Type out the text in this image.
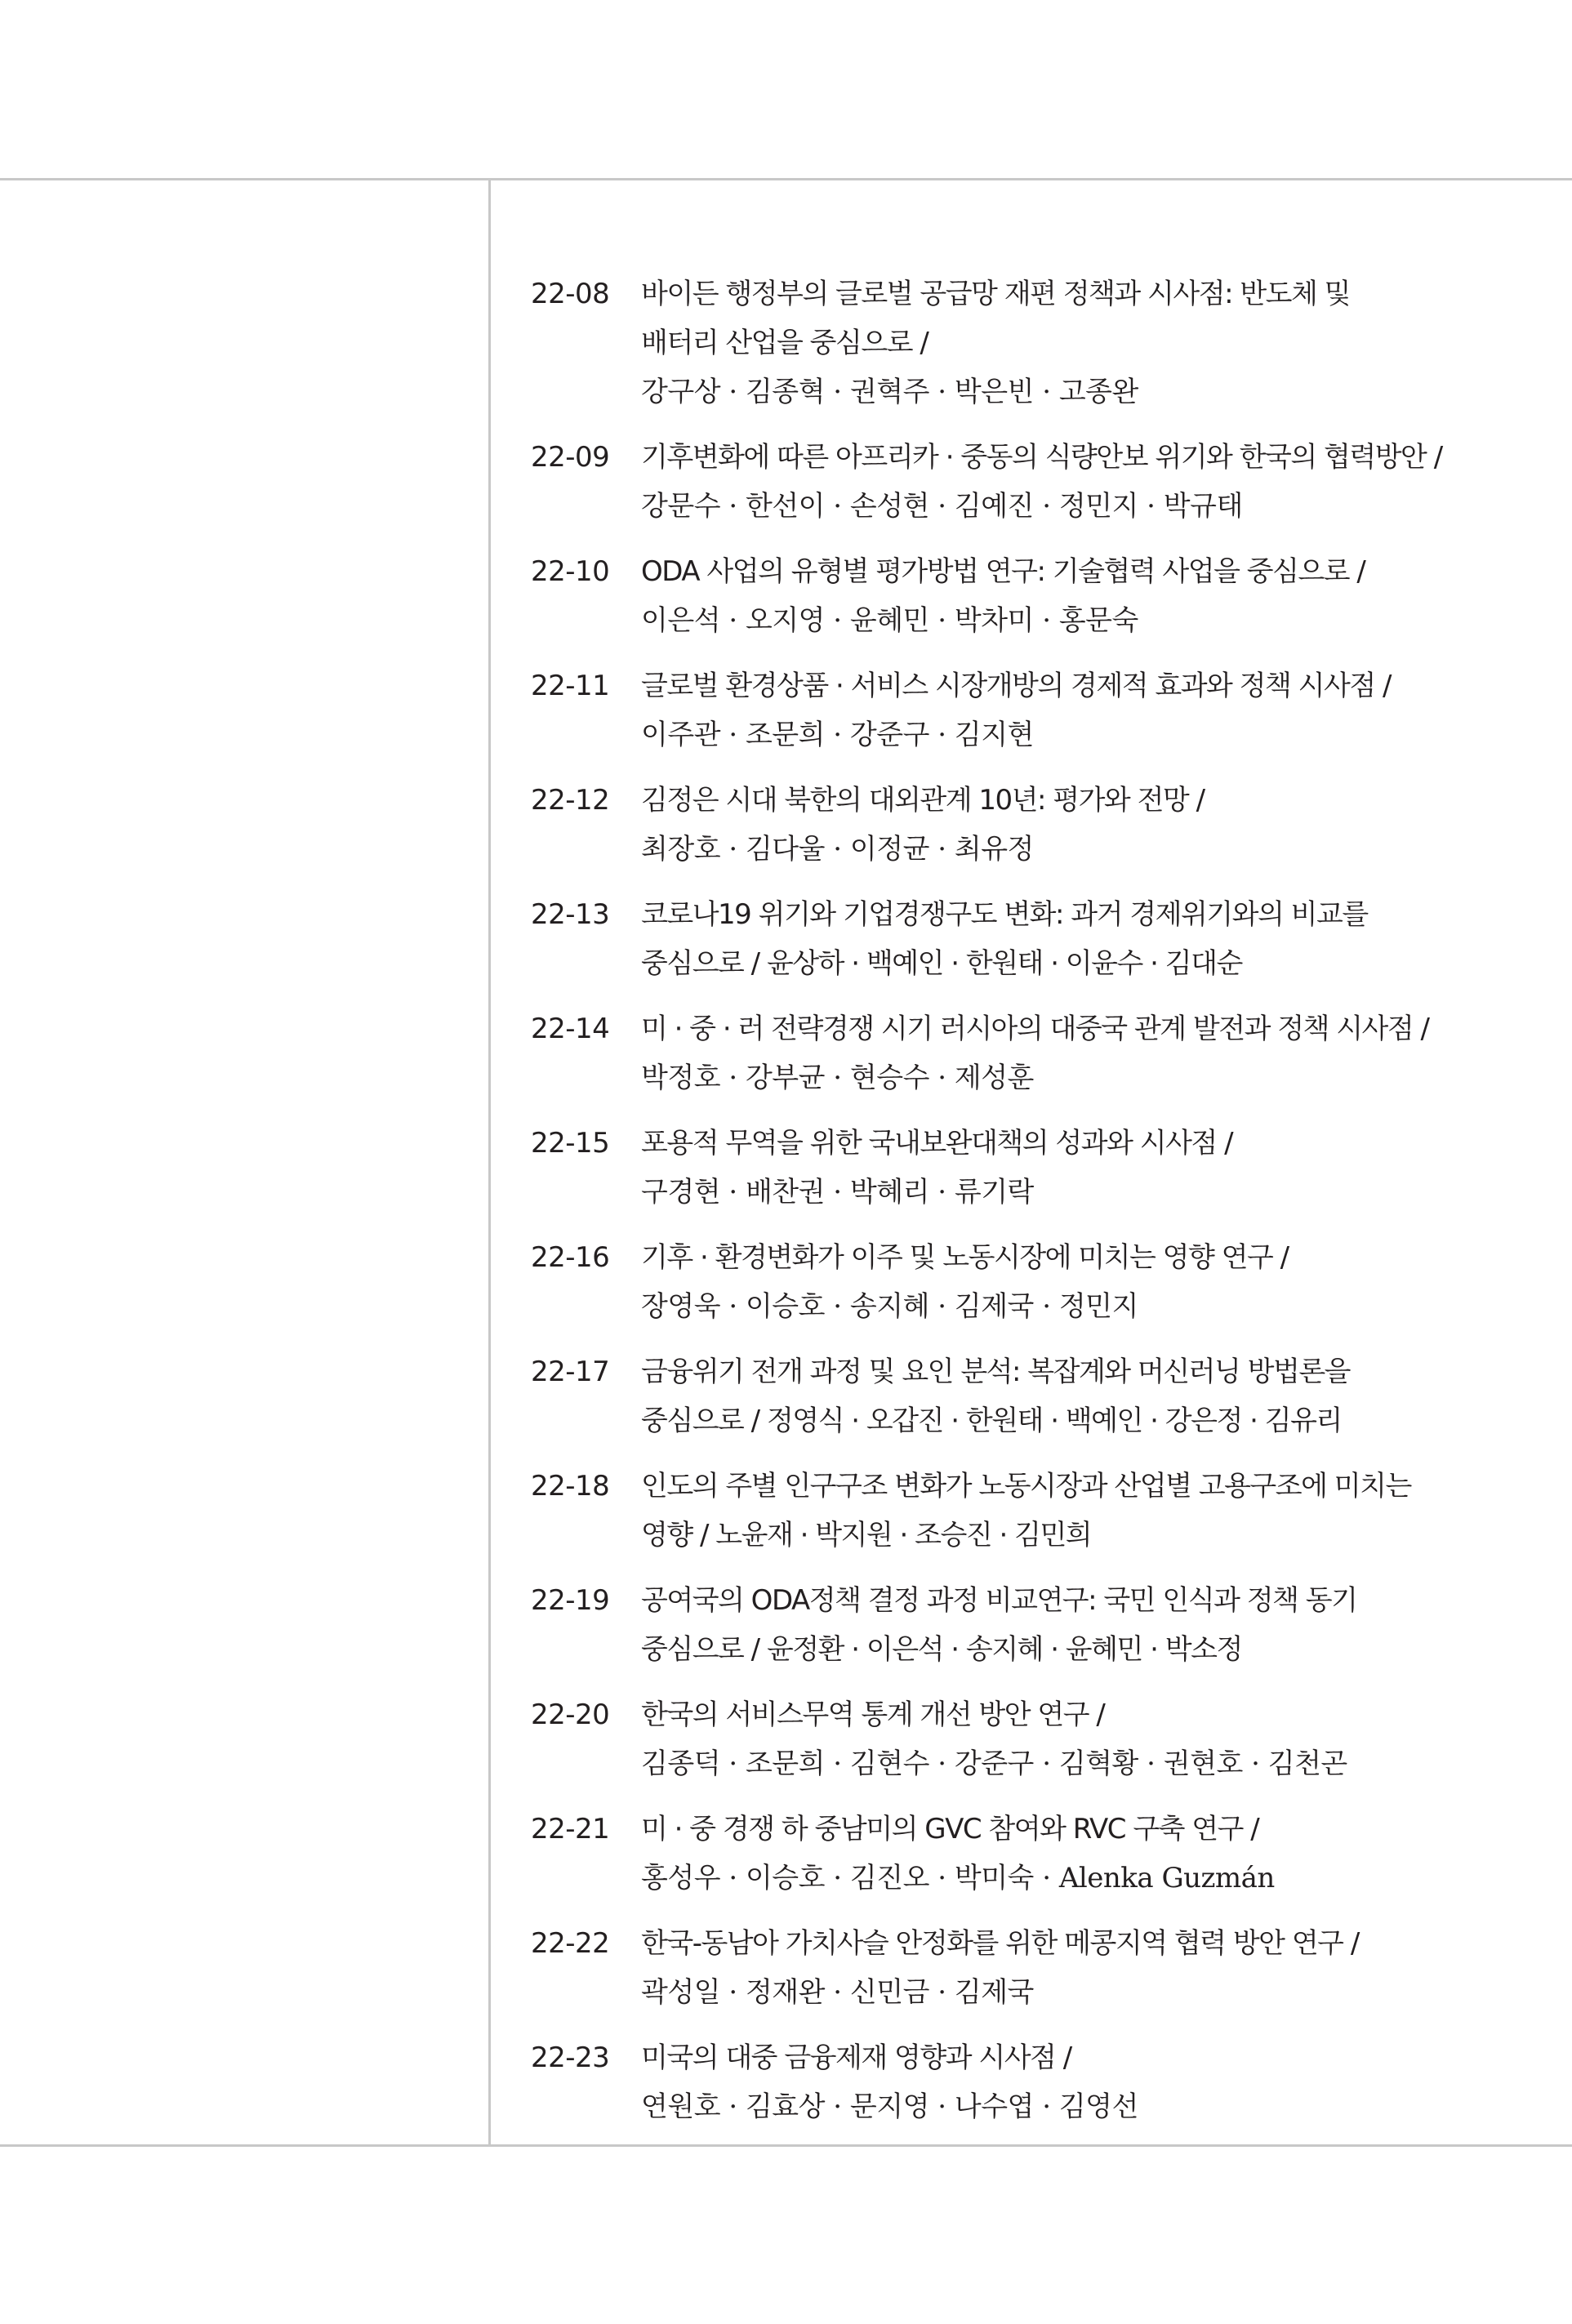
22-08	바이든 행정부의 글로벌 공급망 재편 정책과 시사점: 반도체 및
배터리 산업을 중심으로 /
강구상 · 김종혁 · 권혁주 · 박은빈 · 고종완
22-09	기후변화에 따른 아프리카 · 중동의 식량안보 위기와 한국의 협력방안 /
강문수 · 한선이 · 손성현 · 김예진 · 정민지 · 박규태
22-10	ODA 사업의 유형별 평가방법 연구: 기술협력 사업을 중심으로 /
이은석 · 오지영 · 윤혜민 · 박차미 · 홍문숙
22-11	글로벌 환경상품 · 서비스 시장개방의 경제적 효과와 정책 시사점 /
이주관 · 조문희 · 강준구 · 김지현
22-12	김정은 시대 북한의 대외관계 10년: 평가와 전망 /
최장호 · 김다울 · 이정균 · 최유정
22-13	코로나19 위기와 기업경쟁구도 변화: 과거 경제위기와의 비교를
중심으로 / 윤상하 · 백예인 · 한원태 · 이윤수 · 김대순
22-14	미 · 중 · 러 전략경쟁 시기 러시아의 대중국 관계 발전과 정책 시사점 /
박정호 · 강부균 · 현승수 · 제성훈
22-15	포용적 무역을 위한 국내보완대책의 성과와 시사점 /
구경현 · 배찬권 · 박혜리 · 류기락
22-16	기후 · 환경변화가 이주 및 노동시장에 미치는 영향 연구 /
장영욱 · 이승호 · 송지혜 · 김제국 · 정민지
22-17	금융위기 전개 과정 및 요인 분석: 복잡계와 머신러닝 방법론을
중심으로 / 정영식 · 오갑진 · 한원태 · 백예인 · 강은정 · 김유리
22-18	인도의 주별 인구구조 변화가 노동시장과 산업별 고용구조에 미치는
영향 / 노윤재 · 박지원 · 조승진 · 김민희
22-19	공여국의 ODA정책 결정 과정 비교연구: 국민 인식과 정책 동기
중심으로 / 윤정환 · 이은석 · 송지혜 · 윤혜민 · 박소정
22-20	한국의 서비스무역 통계 개선 방안 연구 /
김종덕 · 조문희 · 김현수 · 강준구 · 김혁황 · 권현호 · 김천곤
22-21	미 · 중 경쟁 하 중남미의 GVC 참여와 RVC 구축 연구 /
홍성우 · 이승호 · 김진오 · 박미숙 · Alenka Guzmán
22-22	한국-동남아 가치사슬 안정화를 위한 메콩지역 협력 방안 연구 /
곽성일 · 정재완 · 신민금 · 김제국
22-23	미국의 대중 금융제재 영향과 시사점 /
연원호 · 김효상 · 문지영 · 나수엽 · 김영선
